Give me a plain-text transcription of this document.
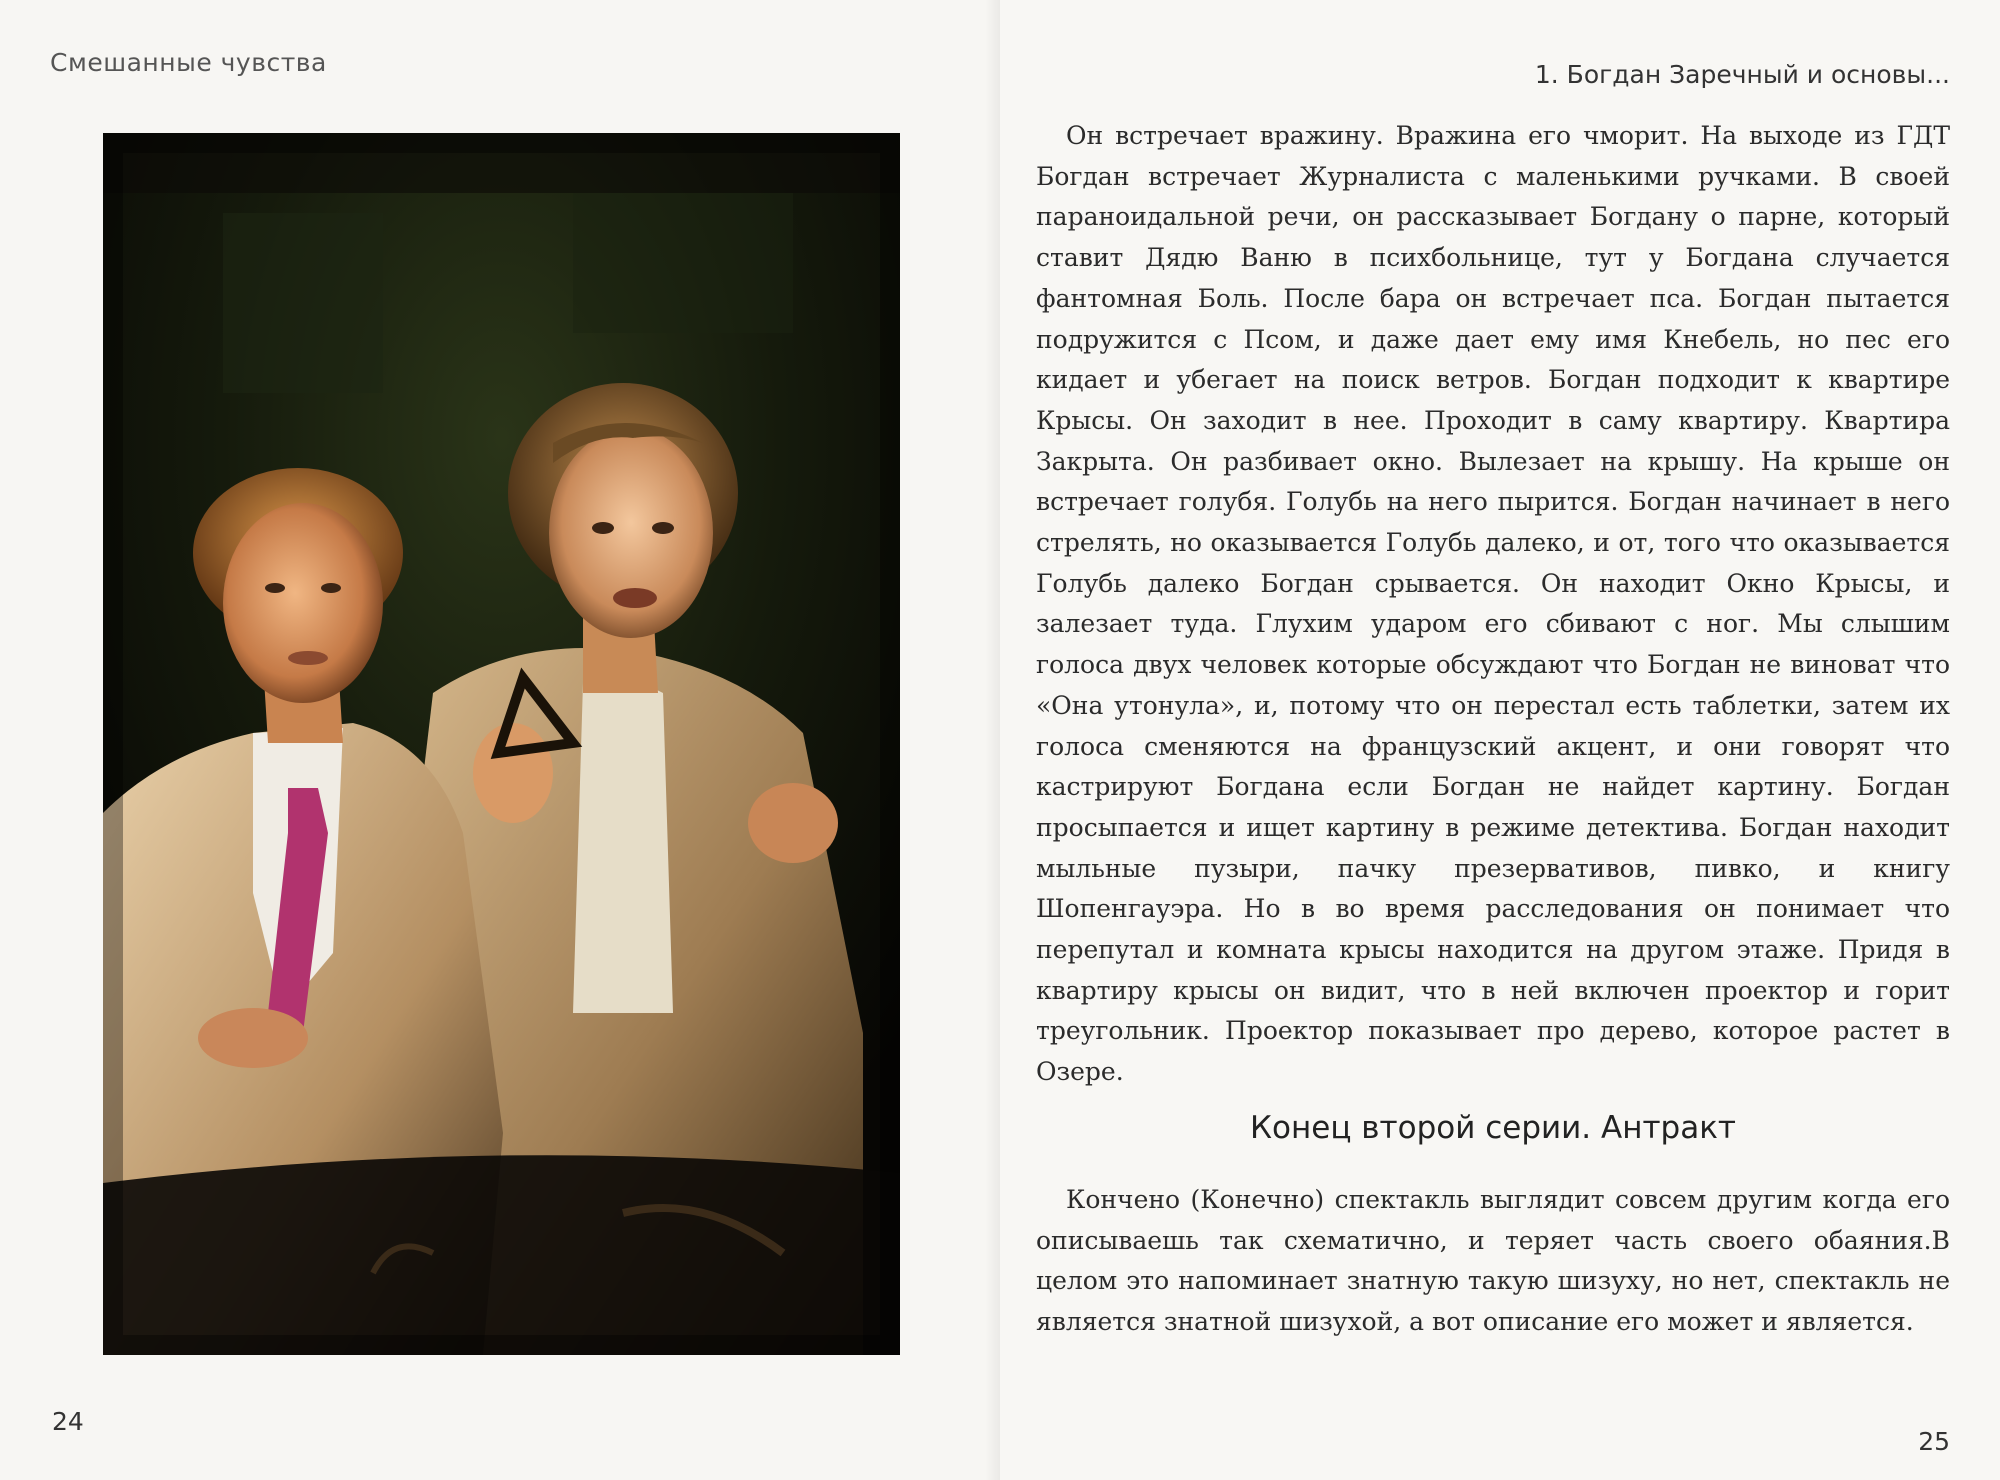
Смешанные чувства
24
1. Богдан Заречный и основы...
25

Он встречает вражину. Вражина его чморит. На выходе из ГДТ Богдан встречает Журналиста с маленькими ручками. В своей параноидальной речи, он рассказывает Богдану о парне, который ставит Дядю Ваню в психбольнице, тут у Богдана случается фантомная Боль. После бара он встречает пса. Богдан пытается подружится с Псом, и даже дает ему имя Кнебель, но пес его кидает и убегает на поиск ветров. Богдан подходит к квартире Крысы. Он заходит в нее. Проходит в саму квартиру. Квартира Закрыта. Он разбивает окно. Вылезает на крышу. На крыше он встречает голубя. Голубь на него пырится. Богдан начинает в него стрелять, но оказывается Голубь далеко, и от, того что оказывается Голубь далеко Богдан срывается. Он находит Окно Крысы, и залезает туда. Глухим ударом его сбивают с ног. Мы слышим голоса двух человек которые обсуждают что Богдан не виноват что «Она утонула», и, потому что он перестал есть таблетки, затем их голоса сменяются на французский акцент, и они говорят что кастрируют Богдана если Богдан не найдет картину. Богдан просыпается и ищет картину в режиме детектива. Богдан находит мыльные пузыри, пачку презервативов, пивко, и книгу Шопенгауэра. Но в во время расследования он понимает что перепутал и комната крысы находится на другом этаже. Придя в квартиру крысы он видит, что в ней включен проектор и горит треугольник. Проектор показывает про дерево, которое растет в Озере.

Конец второй серии. Антракт

Кончено (Конечно) спектакль выглядит совсем другим когда его описываешь так схематично, и теряет часть своего обаяния.В целом это напоминает знатную такую шизуху, но нет, спектакль не является знатной шизухой, а вот описание его может и является.
